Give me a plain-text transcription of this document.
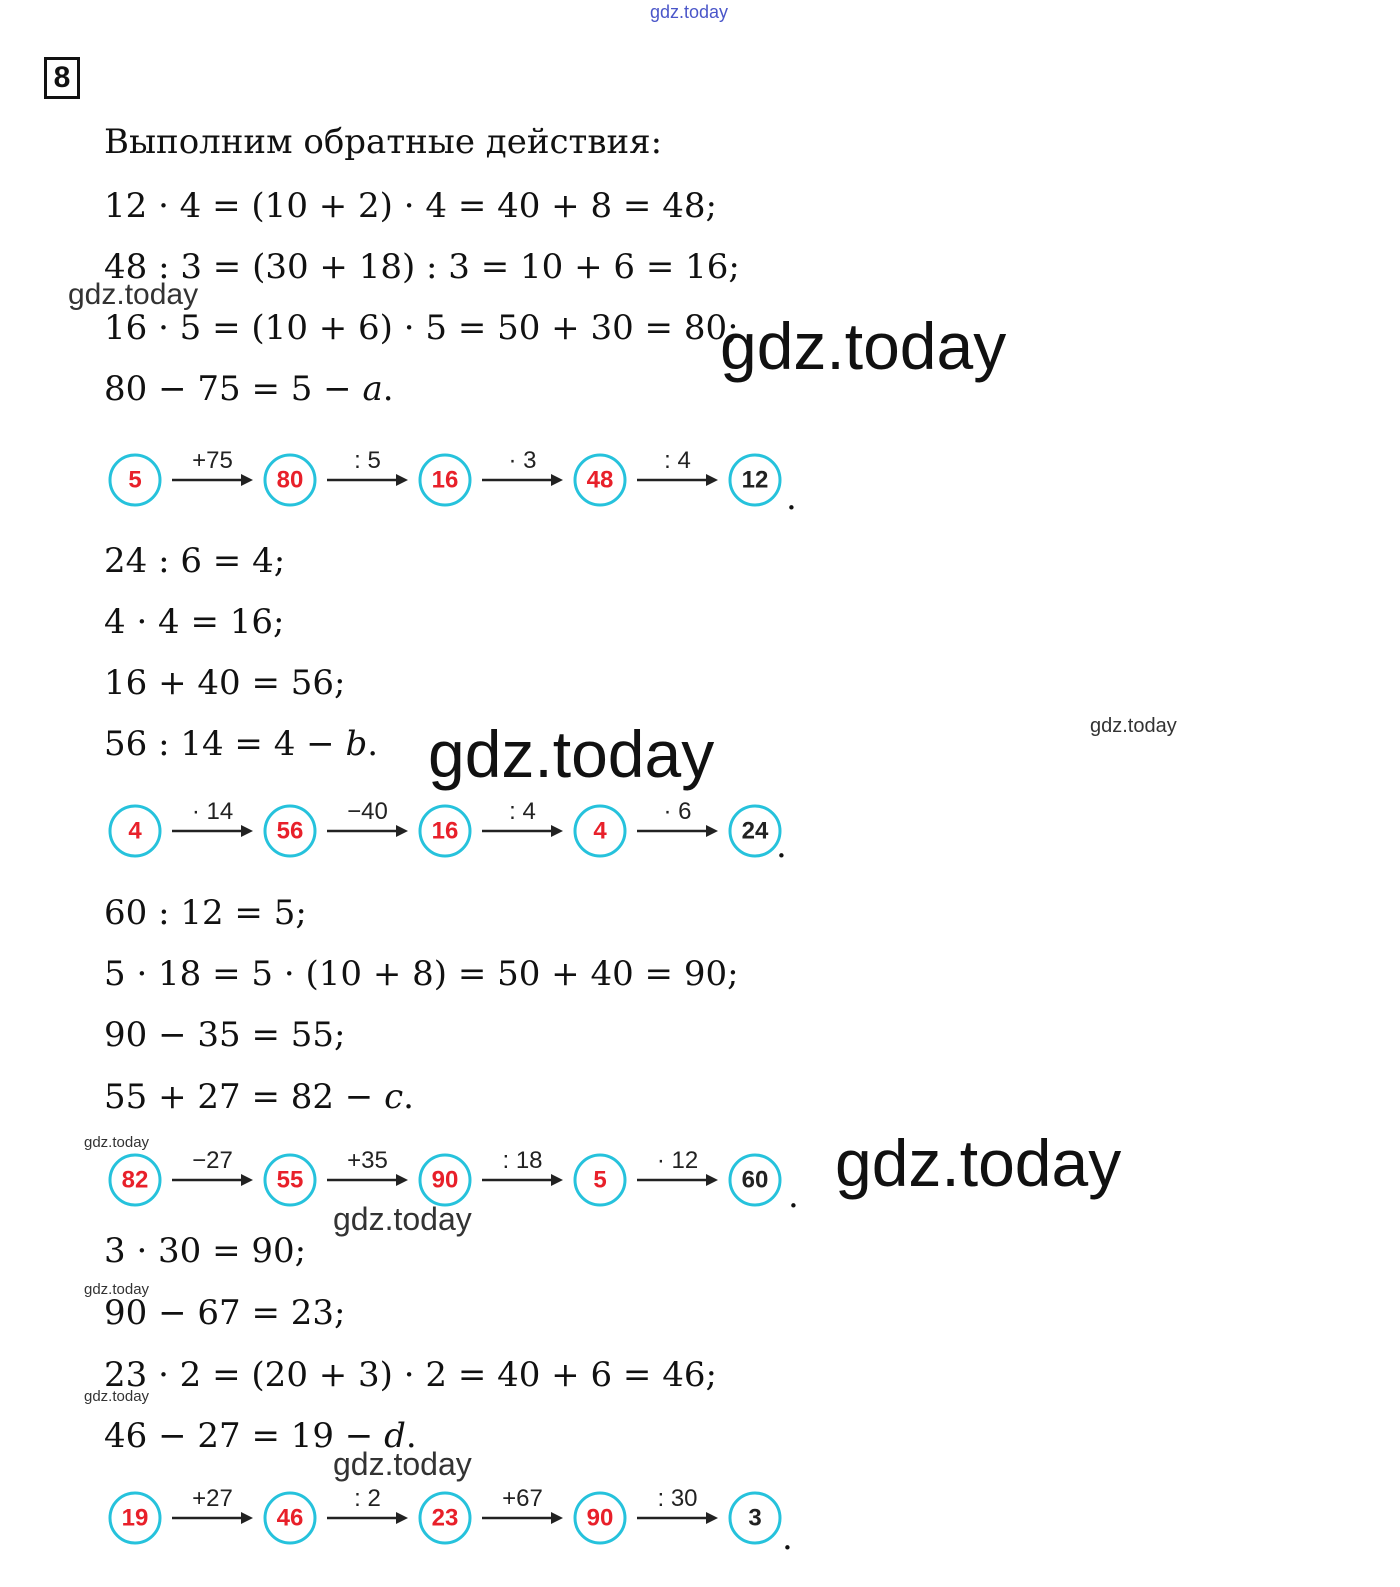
gdz.today
8
Выполним обратные действия:
12 · 4 = (10 + 2) · 4 = 40 + 8 = 48;
48 : 3 = (30 + 18) : 3 = 10 + 6 = 16;
16 · 5 = (10 + 6) · 5 = 50 + 30 = 80;
80 − 75 = 5 − a.
5
+75
80
: 5
16
· 3
48
: 4
12 .
24 : 6 = 4;
4 · 4 = 16;
16 + 40 = 56;
56 : 14 = 4 − b.
4
· 14
56
−40
16
: 4
4
· 6
24 .
60 : 12 = 5;
5 · 18 = 5 · (10 + 8) = 50 + 40 = 90;
90 − 35 = 55;
55 + 27 = 82 − c.
82
−27
55
+35
90
: 18
5
· 12
60 .
3 · 30 = 90;
90 − 67 = 23;
23 · 2 = (20 + 3) · 2 = 40 + 6 = 46;
46 − 27 = 19 − d.
19
+27
46
: 2
23
+67
90
: 30
3 .
gdz.today
gdz.today
gdz.today	gdz.today
gdz.today	gdz.today
gdz.today
gdz.today
gdz.today
gdz.today
